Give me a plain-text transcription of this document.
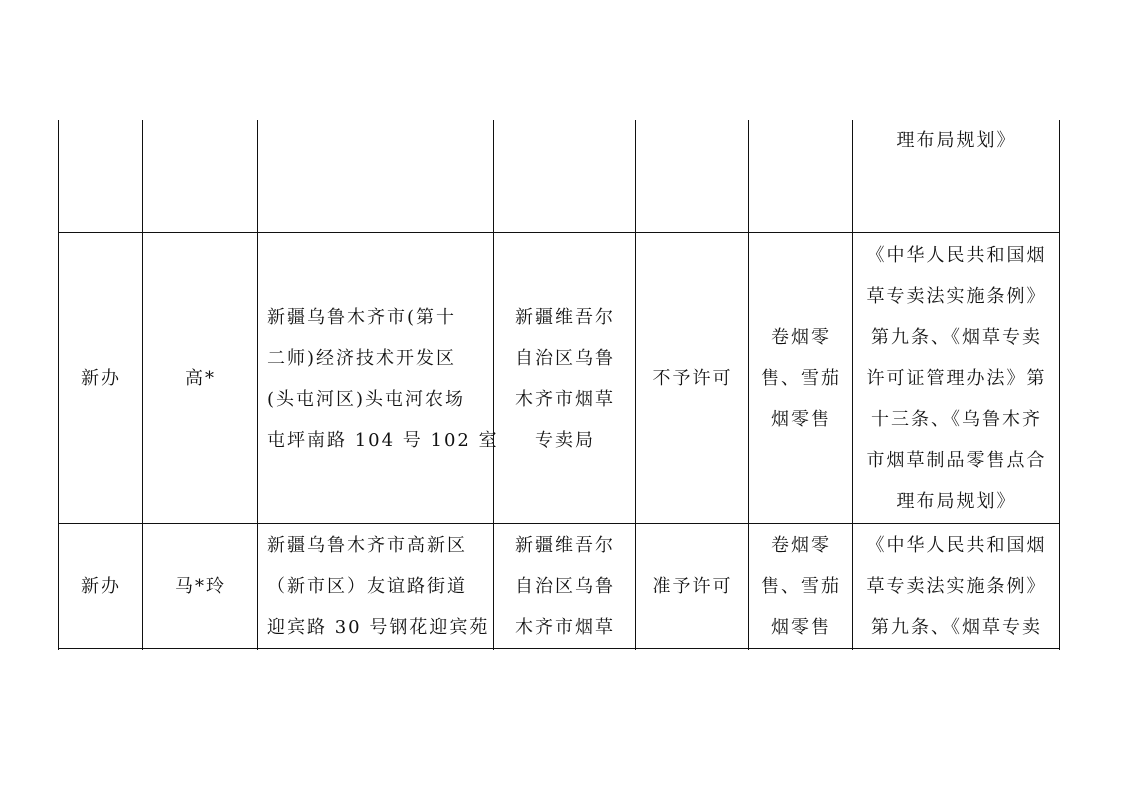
理布局规划》
新办	高*
新疆乌鲁木齐市(第十
二师)经济技术开发区
(头屯河区)头屯河农场
屯坪南路 104 号 102 室
新疆维吾尔
自治区乌鲁
木齐市烟草
专卖局
不予许可
卷烟零
售、雪茄
烟零售
《中华人民共和国烟
草专卖法实施条例》
第九条、《烟草专卖
许可证管理办法》第
十三条、《乌鲁木齐
市烟草制品零售点合
理布局规划》
新办	马*玲
新疆乌鲁木齐市高新区
（新市区）友谊路街道
迎宾路 30 号钢花迎宾苑
新疆维吾尔
自治区乌鲁
木齐市烟草
准予许可
卷烟零
售、雪茄
烟零售
《中华人民共和国烟
草专卖法实施条例》
第九条、《烟草专卖
